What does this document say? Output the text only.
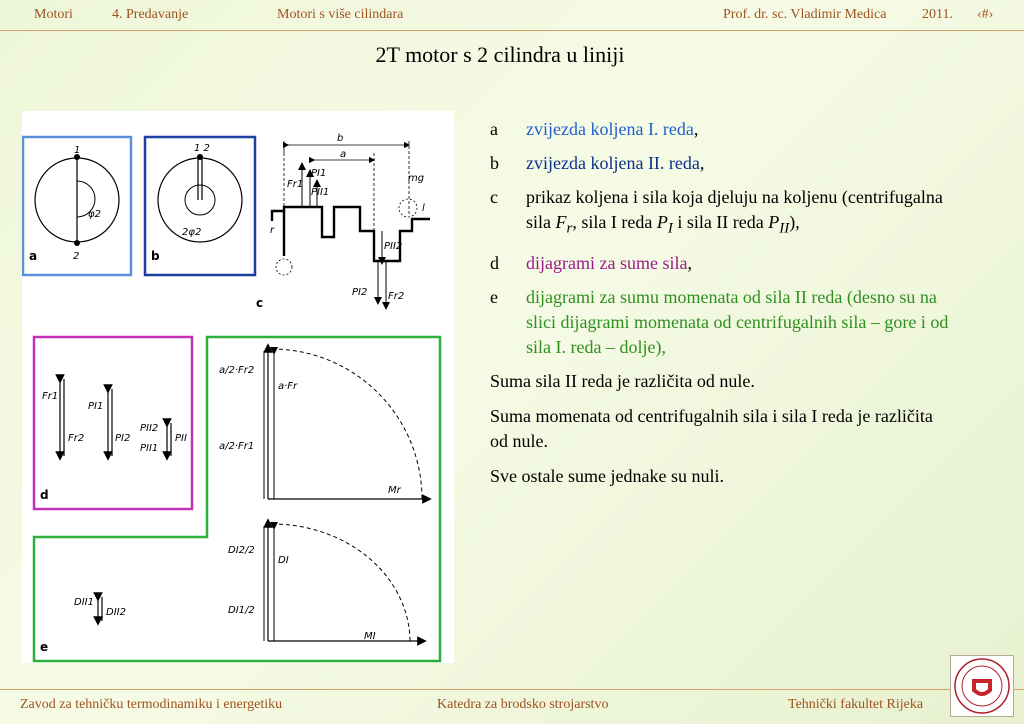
Motori	4. Predavanje	Motori s više cilindara	Prof. dr. sc. Vladimir Medica	2011. ‹#›
2T motor s 2 cilindra u liniji
1
2
φ2
a
1 2
2φ2
b
b
a
Fr1
PI1
PII1
mg
r
l
PII2
PI2 Fr2
c
Fr1
Fr2
PI1
PI2
PII2
PII1
PII
d
a/2·Fr2
a·Fr
a/2·Fr1
Mr
DI2/2
DI
DI1/2
MI
DII1
DII2
e
a zvijezda koljena I. reda,
b zvijezda koljena II. reda,
c prikaz koljena i sila koja djeluju na koljenu (centrifugalna sila $F_r$, sila I reda $P_I$ i sila II reda $P_{II}$),
d dijagrami za sume sila,
e dijagrami za sumu momenata od sila II reda (desno su na slici dijagrami momenata od centrifugalnih sila – gore i od sila I. reda – dolje),
Suma sila II reda je različita od nule.
Suma momenata od centrifugalnih sila i sila I reda je različita od nule.
Sve ostale sume jednake su nuli.
Zavod za tehničku termodinamiku i energetiku	Katedra za brodsko strojarstvo	Tehnički fakultet Rijeka
